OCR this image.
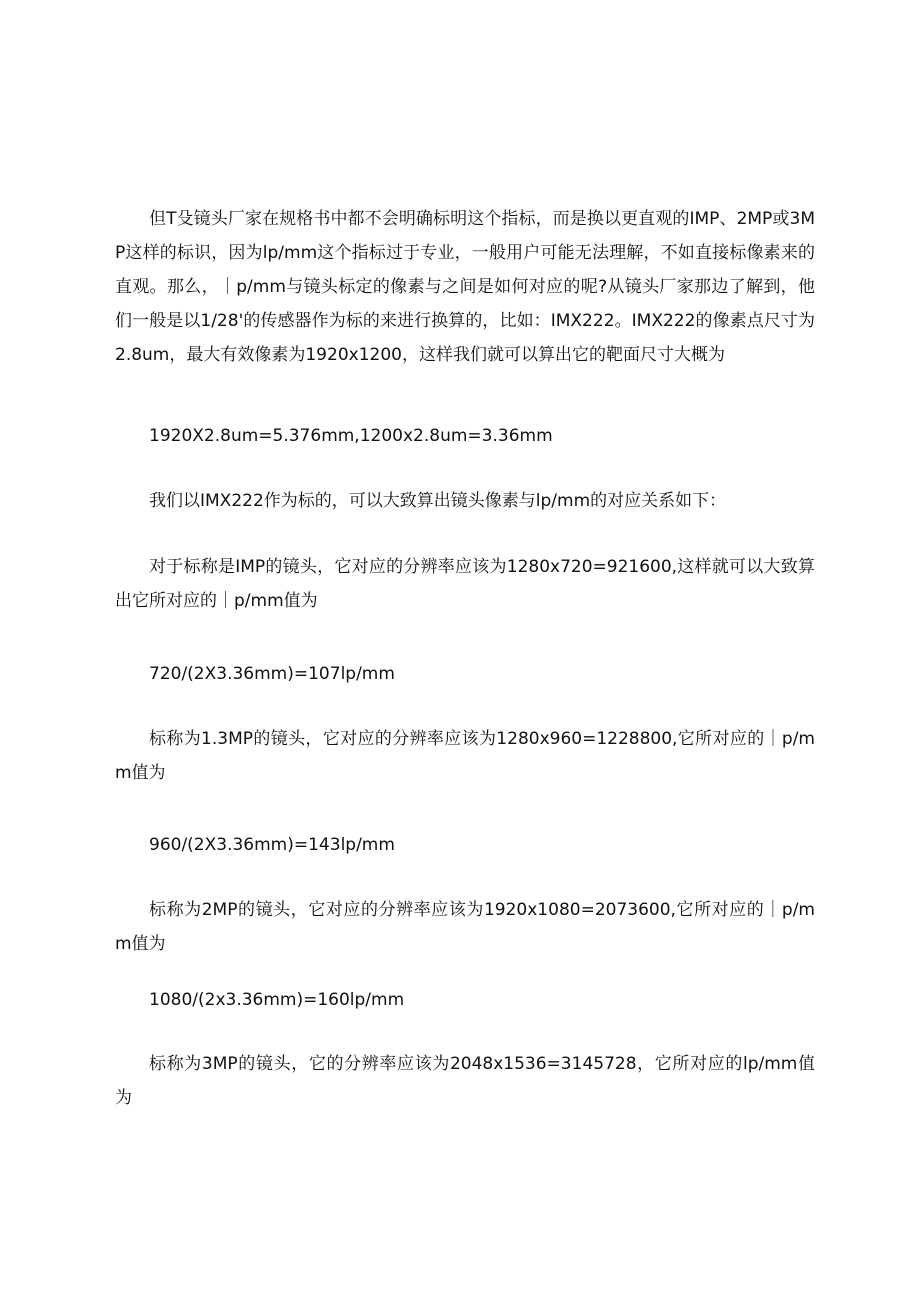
但T殳镜头厂家在规格书中都不会明确标明这个指标，而是换以更直观的IMP、2MP或3MP这样的标识，因为lp/mm这个指标过于专业，一般用户可能无法理解，不如直接标像素来的直观。那么，｜p/mm与镜头标定的像素与之间是如何对应的呢?从镜头厂家那边了解到，他们一般是以1/28'的传感器作为标的来进行换算的，比如：IMX222。IMX222的像素点尺寸为2.8um，最大有效像素为1920x1200，这样我们就可以算出它的靶面尺寸大概为

1920X2.8um=5.376mm,1200x2.8um=3.36mm

我们以IMX222作为标的，可以大致算出镜头像素与lp/mm的对应关系如下：

对于标称是IMP的镜头，它对应的分辨率应该为1280x720=921600,这样就可以大致算出它所对应的｜p/mm值为

720/(2X3.36mm)=107lp/mm

标称为1.3MP的镜头，它对应的分辨率应该为1280x960=1228800,它所对应的｜p/mm值为

960/(2X3.36mm)=143lp/mm

标称为2MP的镜头，它对应的分辨率应该为1920x1080=2073600,它所对应的｜p/mm值为

1080/(2x3.36mm)=160lp/mm

标称为3MP的镜头，它的分辨率应该为2048x1536=3145728，它所对应的lp/mm值为
